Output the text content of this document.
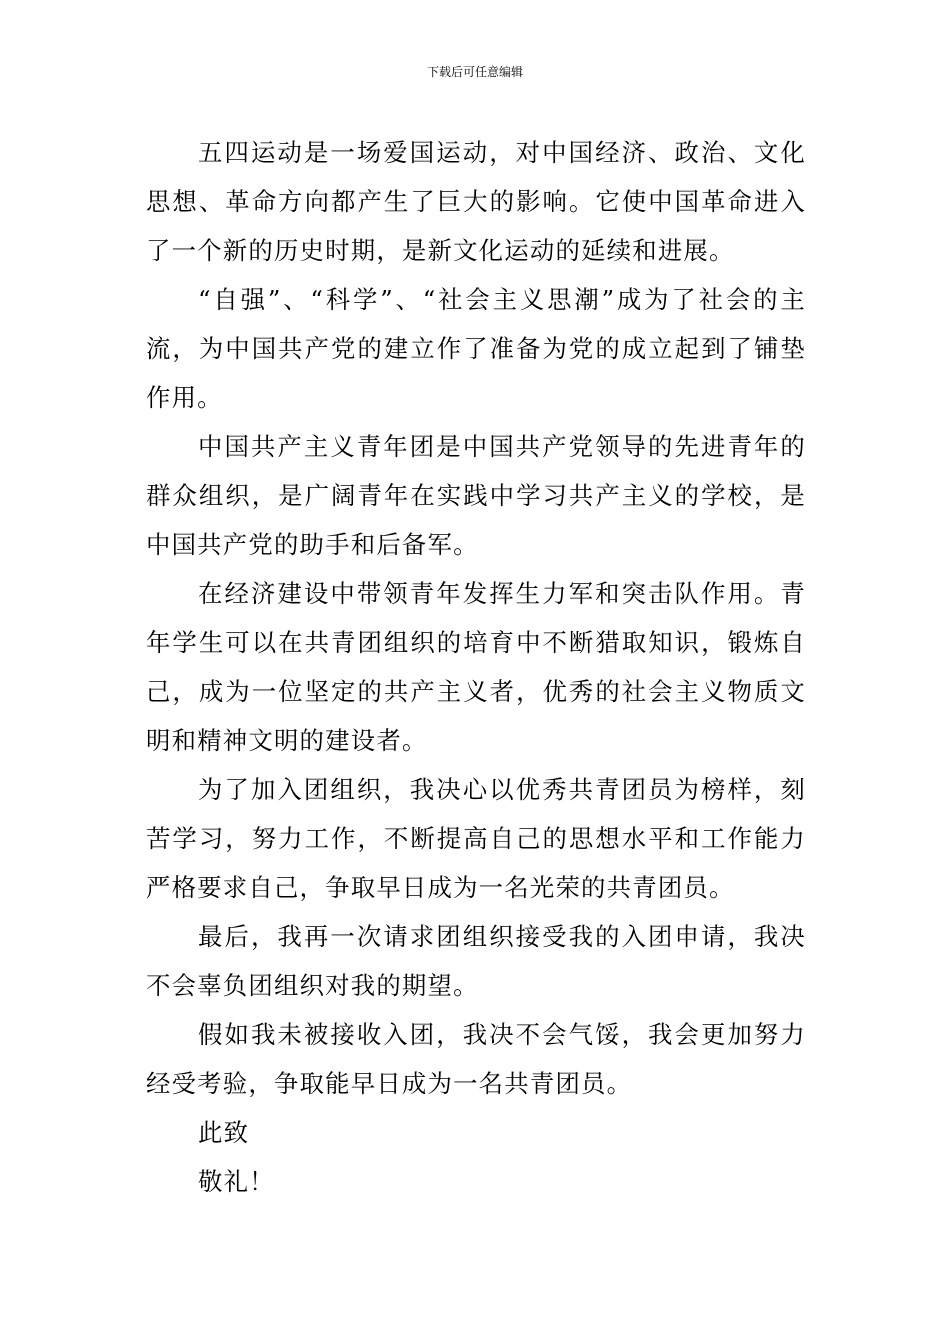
下载后可任意编辑

五四运动是一场爱国运动，对中国经济、政治、文化思想、革命方向都产生了巨大的影响。它使中国革命进入了一个新的历史时期，是新文化运动的延续和进展。

“自强”、“科学”、“社会主义思潮”成为了社会的主流，为中国共产党的建立作了准备为党的成立起到了铺垫作用。

中国共产主义青年团是中国共产党领导的先进青年的群众组织，是广阔青年在实践中学习共产主义的学校，是中国共产党的助手和后备军。

在经济建设中带领青年发挥生力军和突击队作用。青年学生可以在共青团组织的培育中不断猎取知识，锻炼自己，成为一位坚定的共产主义者，优秀的社会主义物质文明和精神文明的建设者。

为了加入团组织，我决心以优秀共青团员为榜样，刻苦学习，努力工作，不断提高自己的思想水平和工作能力严格要求自己，争取早日成为一名光荣的共青团员。

最后，我再一次请求团组织接受我的入团申请，我决不会辜负团组织对我的期望。

假如我未被接收入团，我决不会气馁，我会更加努力经受考验，争取能早日成为一名共青团员。

此致

敬礼！
